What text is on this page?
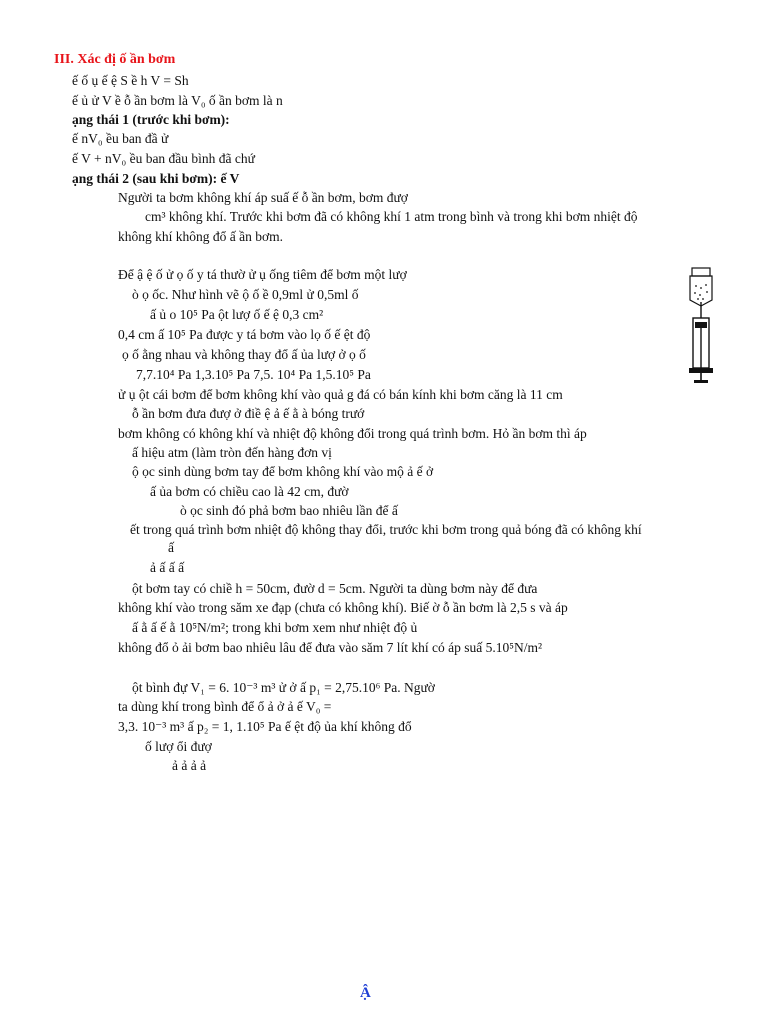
III. Xác đị ố ần bơm
ế ố ụ ế ệ S ề h V = Sh
ế ủ ử V ề ỗ ần bơm là V₀ ố ần bơm là n
ạng thái 1 (trước khi bơm):
ế nV₀ ều ban đầ ử
ế V + nV₀ ều ban đầu bình đã chứ
ạng thái 2 (sau khi bơm): ế V
Người ta bơm không khí áp suấ ế ỗ ần bơm, bơm đượ
cm³ không khí. Trước khi bơm đã có không khí 1 atm trong bình và trong khi bơm nhiệt độ
không khí không đổ ấ ần bơm.
Để ậ ệ ố ử ọ ố y tá thườ ử ụ ống tiêm để bơm một lượ
ò ọ ốc. Như hình vẽ ộ ố ề 0,9ml ử 0,5ml ố
ấ ủ o 10⁵ Pa ột lượ ố ế ệ 0,3 cm²
0,4 cm ấ 10⁵ Pa được y tá bơm vào lọ ố ế ệt độ
ọ ố ằng nhau và không thay đổ ấ ủa lượ ở ọ ố
7,7.10⁴ Pa 1,3.10⁵ Pa 7,5. 10⁴ Pa 1,5.10⁵ Pa
ử ụ ột cái bơm để bơm không khí vào quả g đá có bán kính khi bơm căng là 11 cm
ỗ ần bơm đưa đượ ở điề ệ ả ế ằ à bóng trướ
bơm không có không khí và nhiệt độ không đổi trong quá trình bơm. Hỏ ần bơm thì áp
ấ hiệu atm (làm tròn đến hàng đơn vị
ộ ọc sinh dùng bơm tay để bơm không khí vào mộ ả ế ở
ấ ủa bơm có chiều cao là 42 cm, đườ
ò ọc sinh đó phả bơm bao nhiêu lần để ấ
ết trong quá trình bơm nhiệt độ không thay đổi, trước khi bơm trong quả bóng đã có không khí
ấ
ả ấ ấ ấ
ột bơm tay có chiề h = 50cm, đườ d = 5cm. Người ta dùng bơm này để đưa
không khí vào trong săm xe đạp (chưa có không khí). Biế ờ ỗ ần bơm là 2,5 s và áp
ấ ằ ấ ế ằ 10⁵N/m²; trong khi bơm xem như nhiệt độ ủ
không đổ ỏ ải bơm bao nhiêu lâu để đưa vào săm 7 lít khí có áp suấ 5.10⁵N/m²
ột bình đự V₁ = 6. 10⁻³ m³ ử ở ấ p₁ = 2,75.10⁶ Pa. Ngườ
ta dùng khí trong bình để ổ ả ở ả ế V₀ =
3,3. 10⁻³ m³ ấ p₂ = 1, 1.10⁵ Pa ế ệt độ ủa khí không đổ
ố lượ ổi đượ
ả ả ả ả
Ậ
